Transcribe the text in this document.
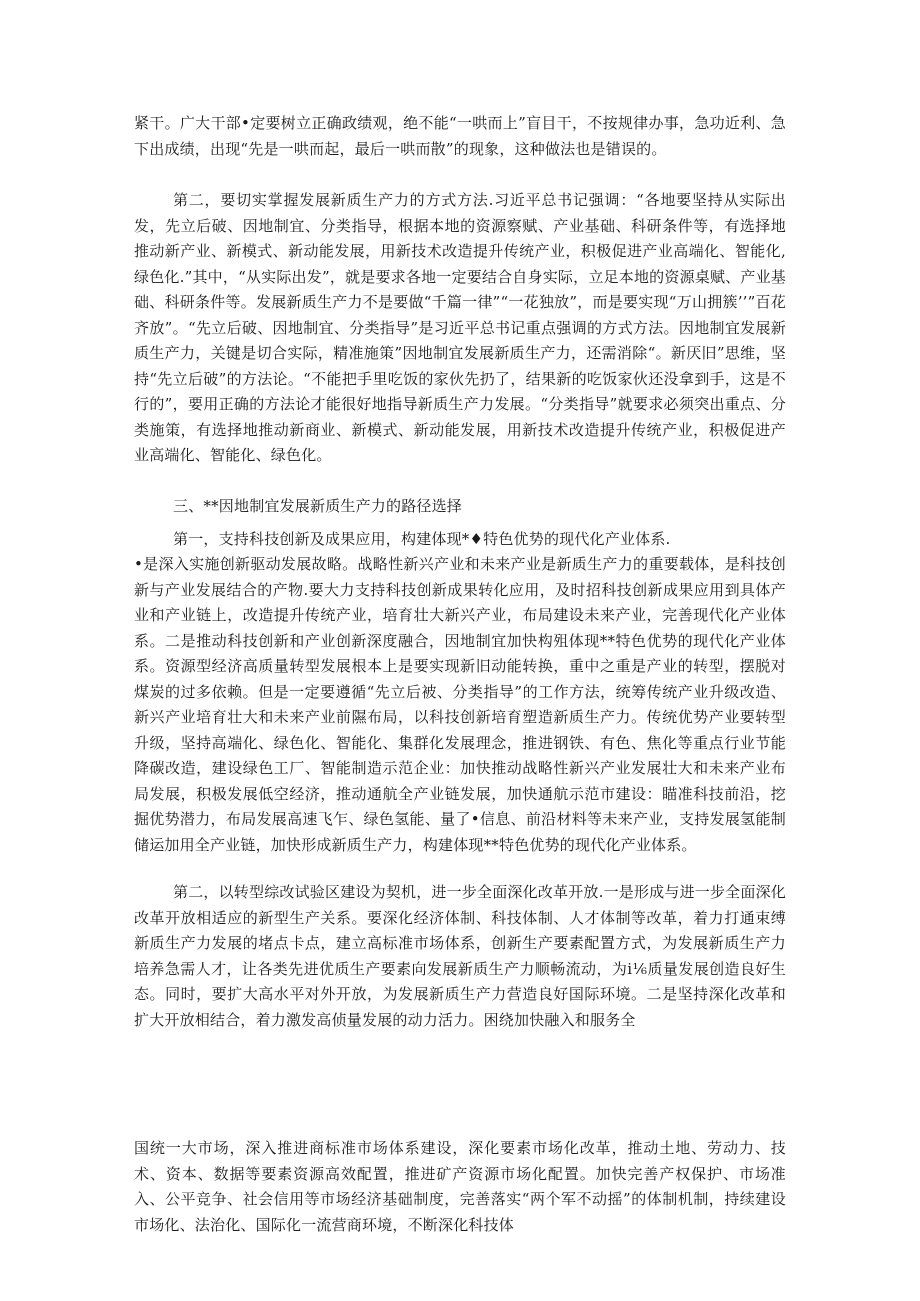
紧干。广大干部•定要树立正确政绩观，绝不能“一哄而上”盲目干，不按规律办事，急功近利、急下出成绩，出现“先是一哄而起，最后一哄而散”的现象，这种做法也是错误的。

第二，要切实掌握发展新质生产力的方式方法.习近平总书记强调：“各地要坚持从实际出发，先立后破、因地制宜、分类指导，根据本地的资源察赋、产业基础、科研条件等，有选择地推动新产业、新模式、新动能发展，用新技术改造提升传统产业，积极促进产业高端化、智能化,绿色化.”其中，“从实际出发”，就是要求各地一定要结合自身实际，立足本地的资源桌赋、产业基础、科研条件等。发展新质生产力不是要做“千篇一律”“一花独放”，而是要实现“万山拥簇’’”百花齐放”。“先立后破、因地制宜、分类指导”是习近平总书记重点强调的方式方法。因地制宜发展新质生产力，关键是切合实际，精准施策”因地制宜发展新质生产力，还需消除“。新厌旧”思维，坚持“先立后破”的方法论。“不能把手里吃饭的家伙先扔了，结果新的吃饭家伙还没拿到手，这是不行的”，要用正确的方法论才能很好地指导新质生产力发展。“分类指导”就要求必须突出重点、分类施策，有选择地推动新商业、新模式、新动能发展，用新技术改造提升传统产业，积极促进产业高端化、智能化、绿色化。

三、**因地制宜发展新质生产力的路径选择

第一，支持科技创新及成果应用，构建体现*♦特色优势的现代化产业体系.

•是深入实施创新驱动发展故略。战略性新兴产业和未来产业是新质生产力的重要载体，是科技创新与产业发展结合的产物.要大力支持科技创新成果转化应用，及时招科技创新成果应用到具体产业和产业链上，改造提升传统产业，培育壮大新兴产业，布局建设未来产业，完善现代化产业体系。二是推动科技创新和产业创新深度融合，因地制宜加快构殂体现**特色优势的现代化产业体系。资源型经济高质量转型发展根本上是要实现新旧动能转换，重中之重是产业的转型，摆脱对煤炭的过多依赖。但是一定要遵循“先立后被、分类指导”的工作方法，统筹传统产业升级改造、新兴产业培育壮大和未来产业前隰布局，以科技创新培育塑造新质生产力。传统优势产业要转型升级，坚持高端化、绿色化、智能化、集群化发展理念，推进钢铁、有色、焦化等重点行业节能降碳改造，建设绿色工厂、智能制造示范企业：加快推动战略性新兴产业发展壮大和未来产业布局发展，积极发展低空经济，推动通航全产业链发展，加快通航示范市建设：瞄准科技前沿，挖掘优势潜力，布局发展高速飞乍、绿色氢能、量了•信息、前沿材料等未来产业，支持发展氢能制储运加用全产业链，加快形成新质生产力，构建体现**特色优势的现代化产业体系。

第二，以转型综改试验区建设为契机，进一步全面深化改革开放.一是形成与进一步全面深化改革开放相适应的新型生产关系。要深化经济体制、科技体制、人才体制等改革，着力打通束缚新质生产力发展的堵点卡点，建立高标准市场体系，创新生产要素配置方式，为发展新质生产力培养急需人才，让各类先进优质生产要素向发展新质生产力顺畅流动，为i⅙质量发展创造良好生态。同时，要扩大高水平对外开放，为发展新质生产力营造良好国际环境。二是坚持深化改革和扩大开放相结合，着力激发高侦量发展的动力活力。困绕加快融入和服务全

国统一大市场，深入推进商标准市场体系建设，深化要素市场化改革，推动土地、劳动力、技术、资本、数据等要素资源高效配置，推进矿产资源市场化配置。加快完善产权保护、市场准入、公平竞争、社会信用等市场经济基础制度，完善落实“两个军不动摇”的体制机制，持续建设市场化、法治化、国际化一流营商环境，不断深化科技体
